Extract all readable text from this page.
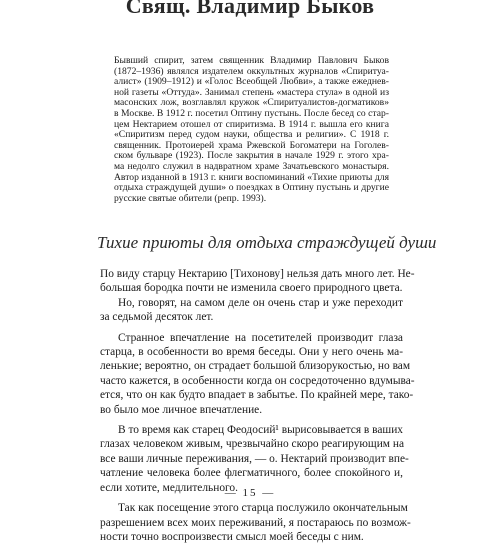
Свящ. Владимир Быков
Бывший спирит, затем священник Владимир Павлович Быков
(1872–1936) являлся издателем оккультных журналов «Спиритуа-
алист» (1909–1912) и «Голос Всеобщей Любви», а также ежеднев-
ной газеты «Оттуда». Занимал степень «мастера стула» в одной из
масонских лож, возглавлял кружок «Спиритуалистов-догматиков»
в Москве. В 1912 г. посетил Оптину пустынь. После бесед со стар-
цем Нектарием отошел от спиритизма. В 1914 г. вышла его книга
«Спиритизм перед судом науки, общества и религии». С 1918 г.
священник. Протоиерей храма Ржевской Богоматери на Гоголев-
ском бульваре (1923). После закрытия в начале 1929 г. этого хра-
ма недолго служил в надвратном храме Зачатьевского монастыря.
Автор изданной в 1913 г. книги воспоминаний «Тихие приюты для
отдыха страждущей души» о поездках в Оптину пустынь и другие
русские святые обители (репр. 1993).
Тихие приюты для отдыха страждущей души
По виду старцу Нектарию [Тихонову] нельзя дать много лет. Не-
большая бородка почти не изменила своего природного цвета.
Но, говорят, на самом деле он очень стар и уже переходит
за седьмой десяток лет.
Странное впечатление на посетителей производит глаза
старца, в особенности во время беседы. Они у него очень ма-
ленькие; вероятно, он страдает большой близорукостью, но вам
часто кажется, в особенности когда он сосредоточенно вдумыва-
ется, что он как будто впадает в забытье. По крайней мере, тако-
во было мое личное впечатление.
В то время как старец Феодосий¹ вырисовывается в ваших
глазах человеком живым, чрезвычайно скоро реагирующим на
все ваши личные переживания, — о. Нектарий производит впе-
чатление человека более флегматичного, более спокойного и,
если хотите, медлительного.
Так как посещение этого старца послужило окончательным
разрешением всех моих переживаний, я постараюсь по возмож-
ности точно воспроизвести смысл моей беседы с ним.
— 15 —
